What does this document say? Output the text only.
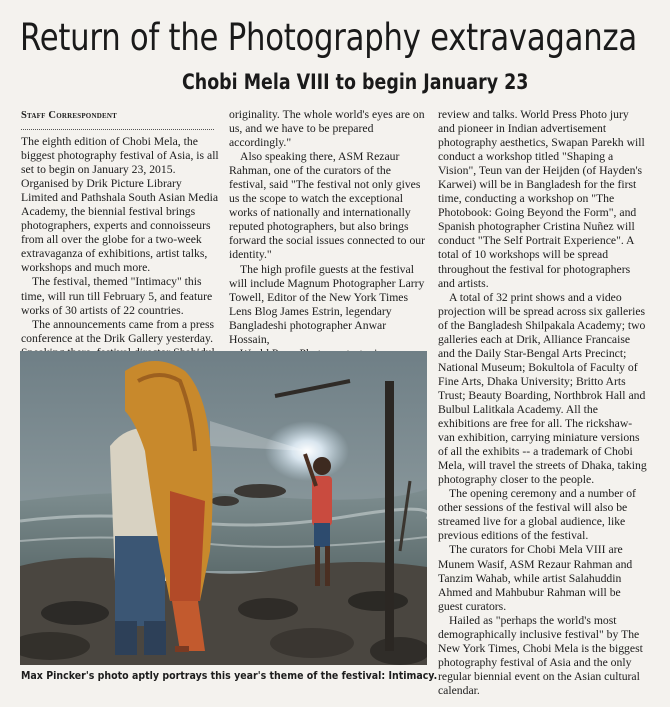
Return of the Photography extravaganza
Chobi Mela VIII to begin January 23
Staff Correspondent

The eighth edition of Chobi Mela, the biggest photography festival of Asia, is all set to begin on January 23, 2015. Organised by Drik Picture Library Limited and Pathshala South Asian Media Academy, the biennial festival brings photographers, experts and connoisseurs from all over the globe for a two-week extravaganza of exhibitions, artist talks, workshops and much more.

The festival, themed "Intimacy" this time, will run till February 5, and feature works of 30 artists of 22 countries.

The announcements came from a press conference at the Drik Gallery yesterday.

originality. The whole world's eyes are on us, and we have to be prepared accordingly."

Also speaking there, ASM Rezaur Rahman, one of the curators of the festival, said "The festival not only gives us the scope to watch the exceptional works of nationally and internationally reputed photographers, but also brings forward the social issues connected to our identity."

The high profile guests at the festival will include Magnum Photographer Larry Towell, Editor of the New York Times Lens Blog James Estrin, legendary Bangladeshi photographer Anwar Hossain,

review and talks. World Press Photo jury and pioneer in Indian advertisement photography aesthetics, Swapan Parekh will conduct a workshop titled "Shaping a Vision", Teun van der Heijden (of Hayden's Karwei) will be in Bangladesh for the first time, conducting a workshop on "The Photobook: Going Beyond the Form", and Spanish photographer Cristina Nuñez will conduct "The Self Portrait Experience". A total of 10 workshops will be spread throughout the festival for photographers and artists.

A total of 32 print shows and a video projection will be spread across six galleries of the Bangladesh Shilpakala Academy; two galleries each at Drik, Alliance Francaise and the Daily Star-Bengal Arts Precinct; National Museum; Bokultola of Faculty of Fine Arts, Dhaka University; Britto Arts Trust; Beauty Boarding, Northbrok Hall and Bulbul Lalitkala Academy. All the exhibitions are free for all. The rickshaw-van exhibition, carrying miniature versions of all the exhibits -- a trademark of Chobi Mela, will travel the streets of Dhaka, taking photography closer to the people.

The opening ceremony and a number of other sessions of the festival will also be streamed live for a global audience, like previous editions of the festival.

The curators for Chobi Mela VIII are Munem Wasif, ASM Rezaur Rahman and Tanzim Wahab, while artist Salahuddin Ahmed and Mahbubur Rahman will be guest curators.

Hailed as "perhaps the world's most demographically inclusive festival" by The New York Times, Chobi Mela is the biggest photography festival of Asia and the only regular biennial event on the Asian cultural calendar.

Max Pincker's photo aptly portrays this year's theme of the festival: Intimacy.
